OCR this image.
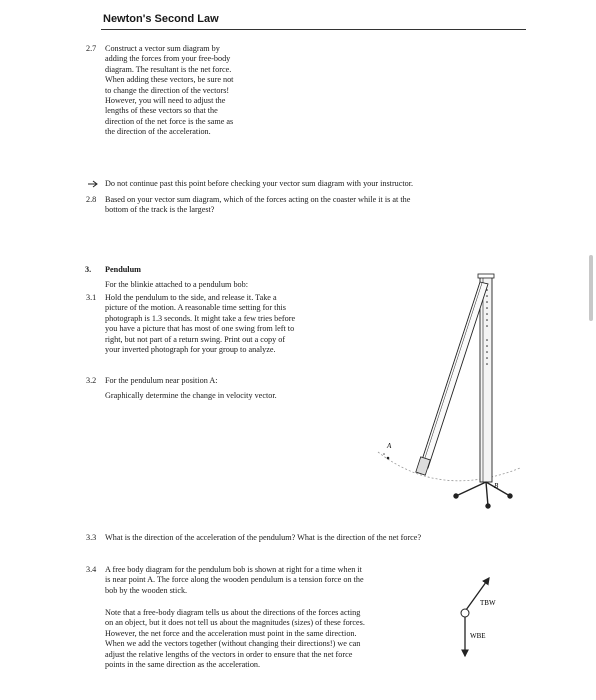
Newton's Second Law
2.7 Construct a vector sum diagram by

adding the forces from your free-body

diagram. The resultant is the net force.

When adding these vectors, be sure not

to change the direction of the vectors!

However, you will need to adjust the

lengths of these vectors so that the

direction of the net force is the same as

the direction of the acceleration.

Do not continue past this point before checking your vector sum diagram with your instructor.
2.8 Based on your vector sum diagram, which of the forces acting on the coaster while it is at the

bottom of the track is the largest?

3. Pendulum
For the blinkie attached to a pendulum bob:
3.1 Hold the pendulum to the side, and release it. Take a

picture of the motion. A reasonable time setting for this

photograph is 1.3 seconds. It might take a few tries before

you have a picture that has most of one swing from left to

right, but not part of a return swing. Print out a copy of

your inverted photograph for your group to analyze.

3.2 For the pendulum near position A:
Graphically determine the change in velocity vector.
A
B
3.3 What is the direction of the acceleration of the pendulum? What is the direction of the net force?
3.4 A free body diagram for the pendulum bob is shown at right for a time when it

is near point A. The force along the wooden pendulum is a tension force on the

bob by the wooden stick.

Note that a free-body diagram tells us about the directions of the forces acting

on an object, but it does not tell us about the magnitudes (sizes) of these forces.

However, the net force and the acceleration must point in the same direction.

When we add the vectors together (without changing their directions!) we can

adjust the relative lengths of the vectors in order to ensure that the net force

points in the same direction as the acceleration.

TBW
WBE
